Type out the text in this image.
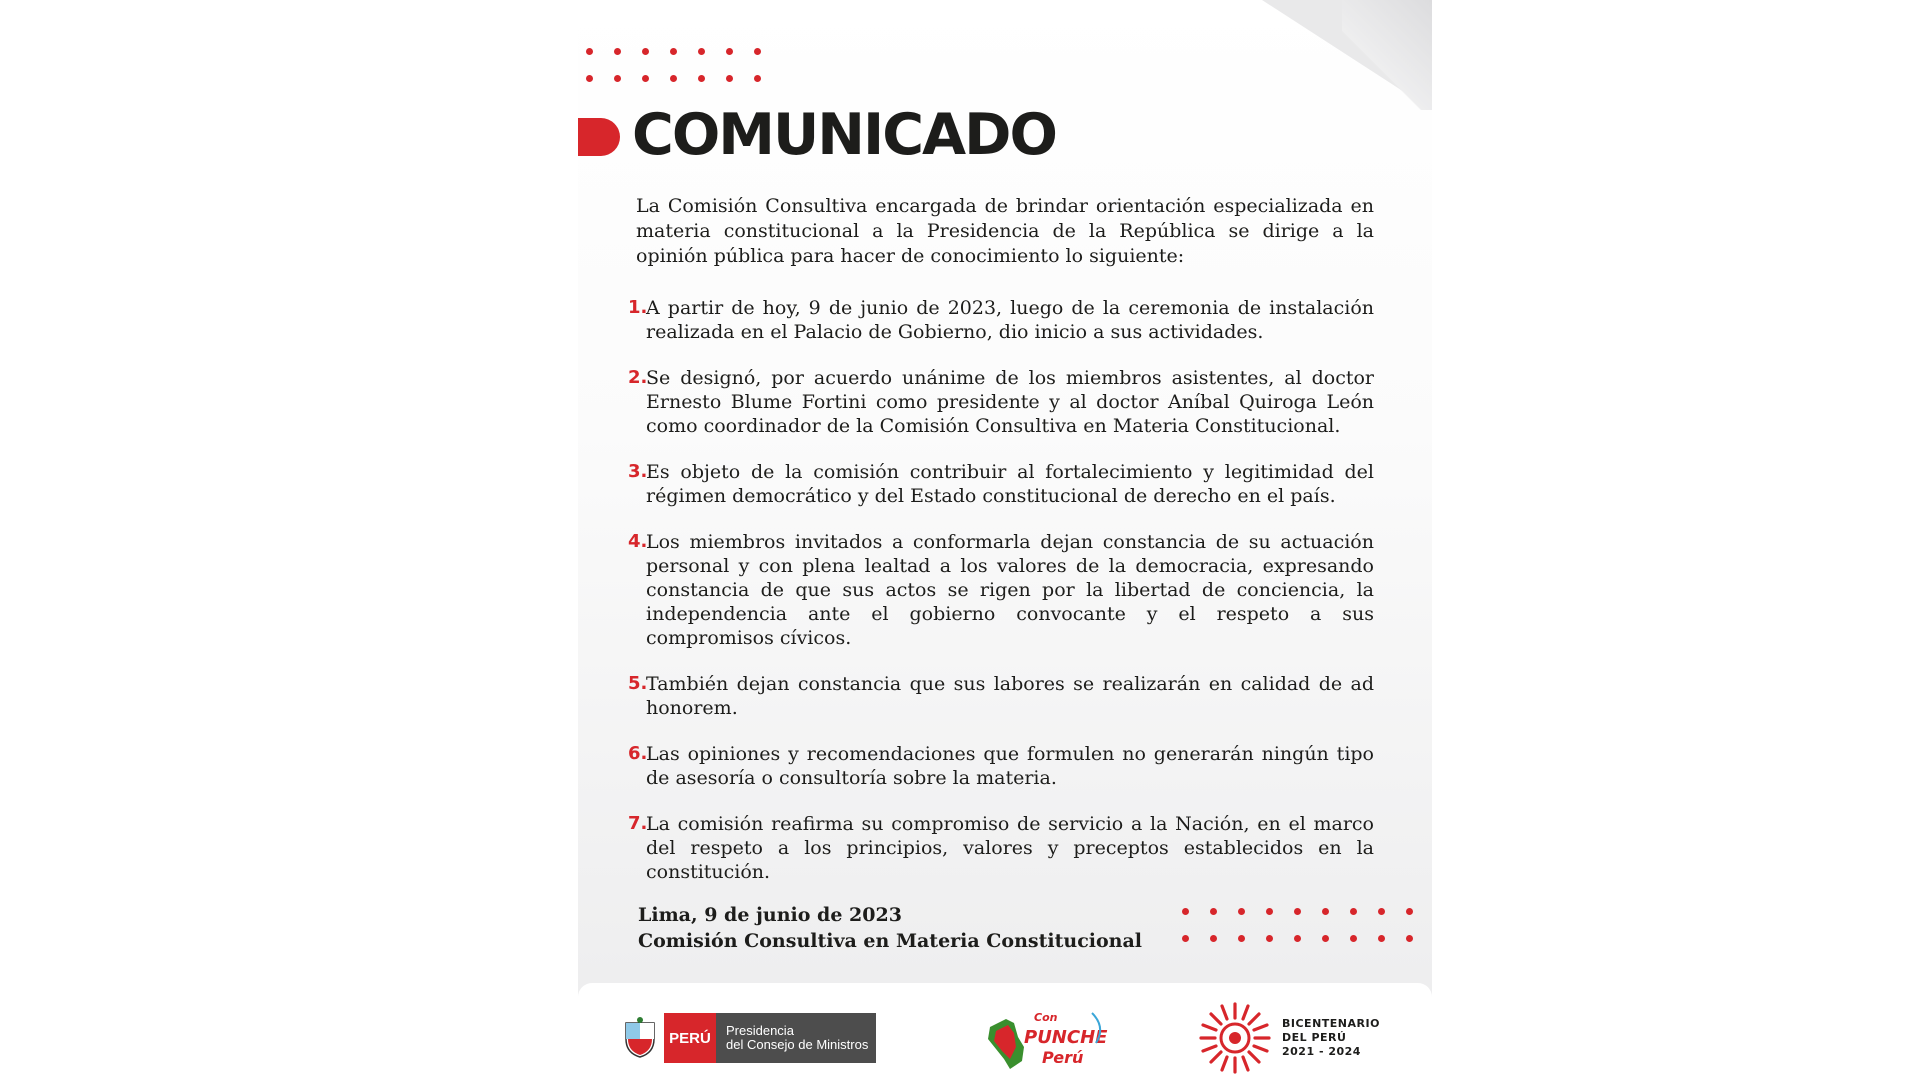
COMUNICADO
La Comisión Consultiva encargada de brindar orientación especializada en materia constitucional a la Presidencia de la República se dirige a la opinión pública para hacer de conocimiento lo siguiente:
1.
A partir de hoy, 9 de junio de 2023, luego de la ceremonia de instalación realizada en el Palacio de Gobierno, dio inicio a sus actividades.
2.
Se designó, por acuerdo unánime de los miembros asistentes, al doctor Ernesto Blume Fortini como presidente y al doctor Aníbal Quiroga León como coordinador de la Comisión Consultiva en Materia Constitucional.
3.
Es objeto de la comisión contribuir al fortalecimiento y legitimidad del régimen democrático y del Estado constitucional de derecho en el país.
4.
Los miembros invitados a conformarla dejan constancia de su actuación personal y con plena lealtad a los valores de la democracia, expresando constancia de que sus actos se rigen por la libertad de conciencia, la independencia ante el gobierno convocante y el respeto a sus compromisos cívicos.
5.
También dejan constancia que sus labores se realizarán en calidad de ad honorem.
6.
Las opiniones y recomendaciones que formulen no generarán ningún tipo de asesoría o consultoría sobre la materia.
7.
La comisión reafirma su compromiso de servicio a la Nación, en el marco del respeto a los principios, valores y preceptos establecidos en la constitución.
Lima, 9 de junio de 2023
Comisión Consultiva en Materia Constitucional
PERÚ	Presidencia
del Consejo de Ministros
Con
PUNCHE
Perú
BICENTENARIO
DEL PERÚ
2021 - 2024
